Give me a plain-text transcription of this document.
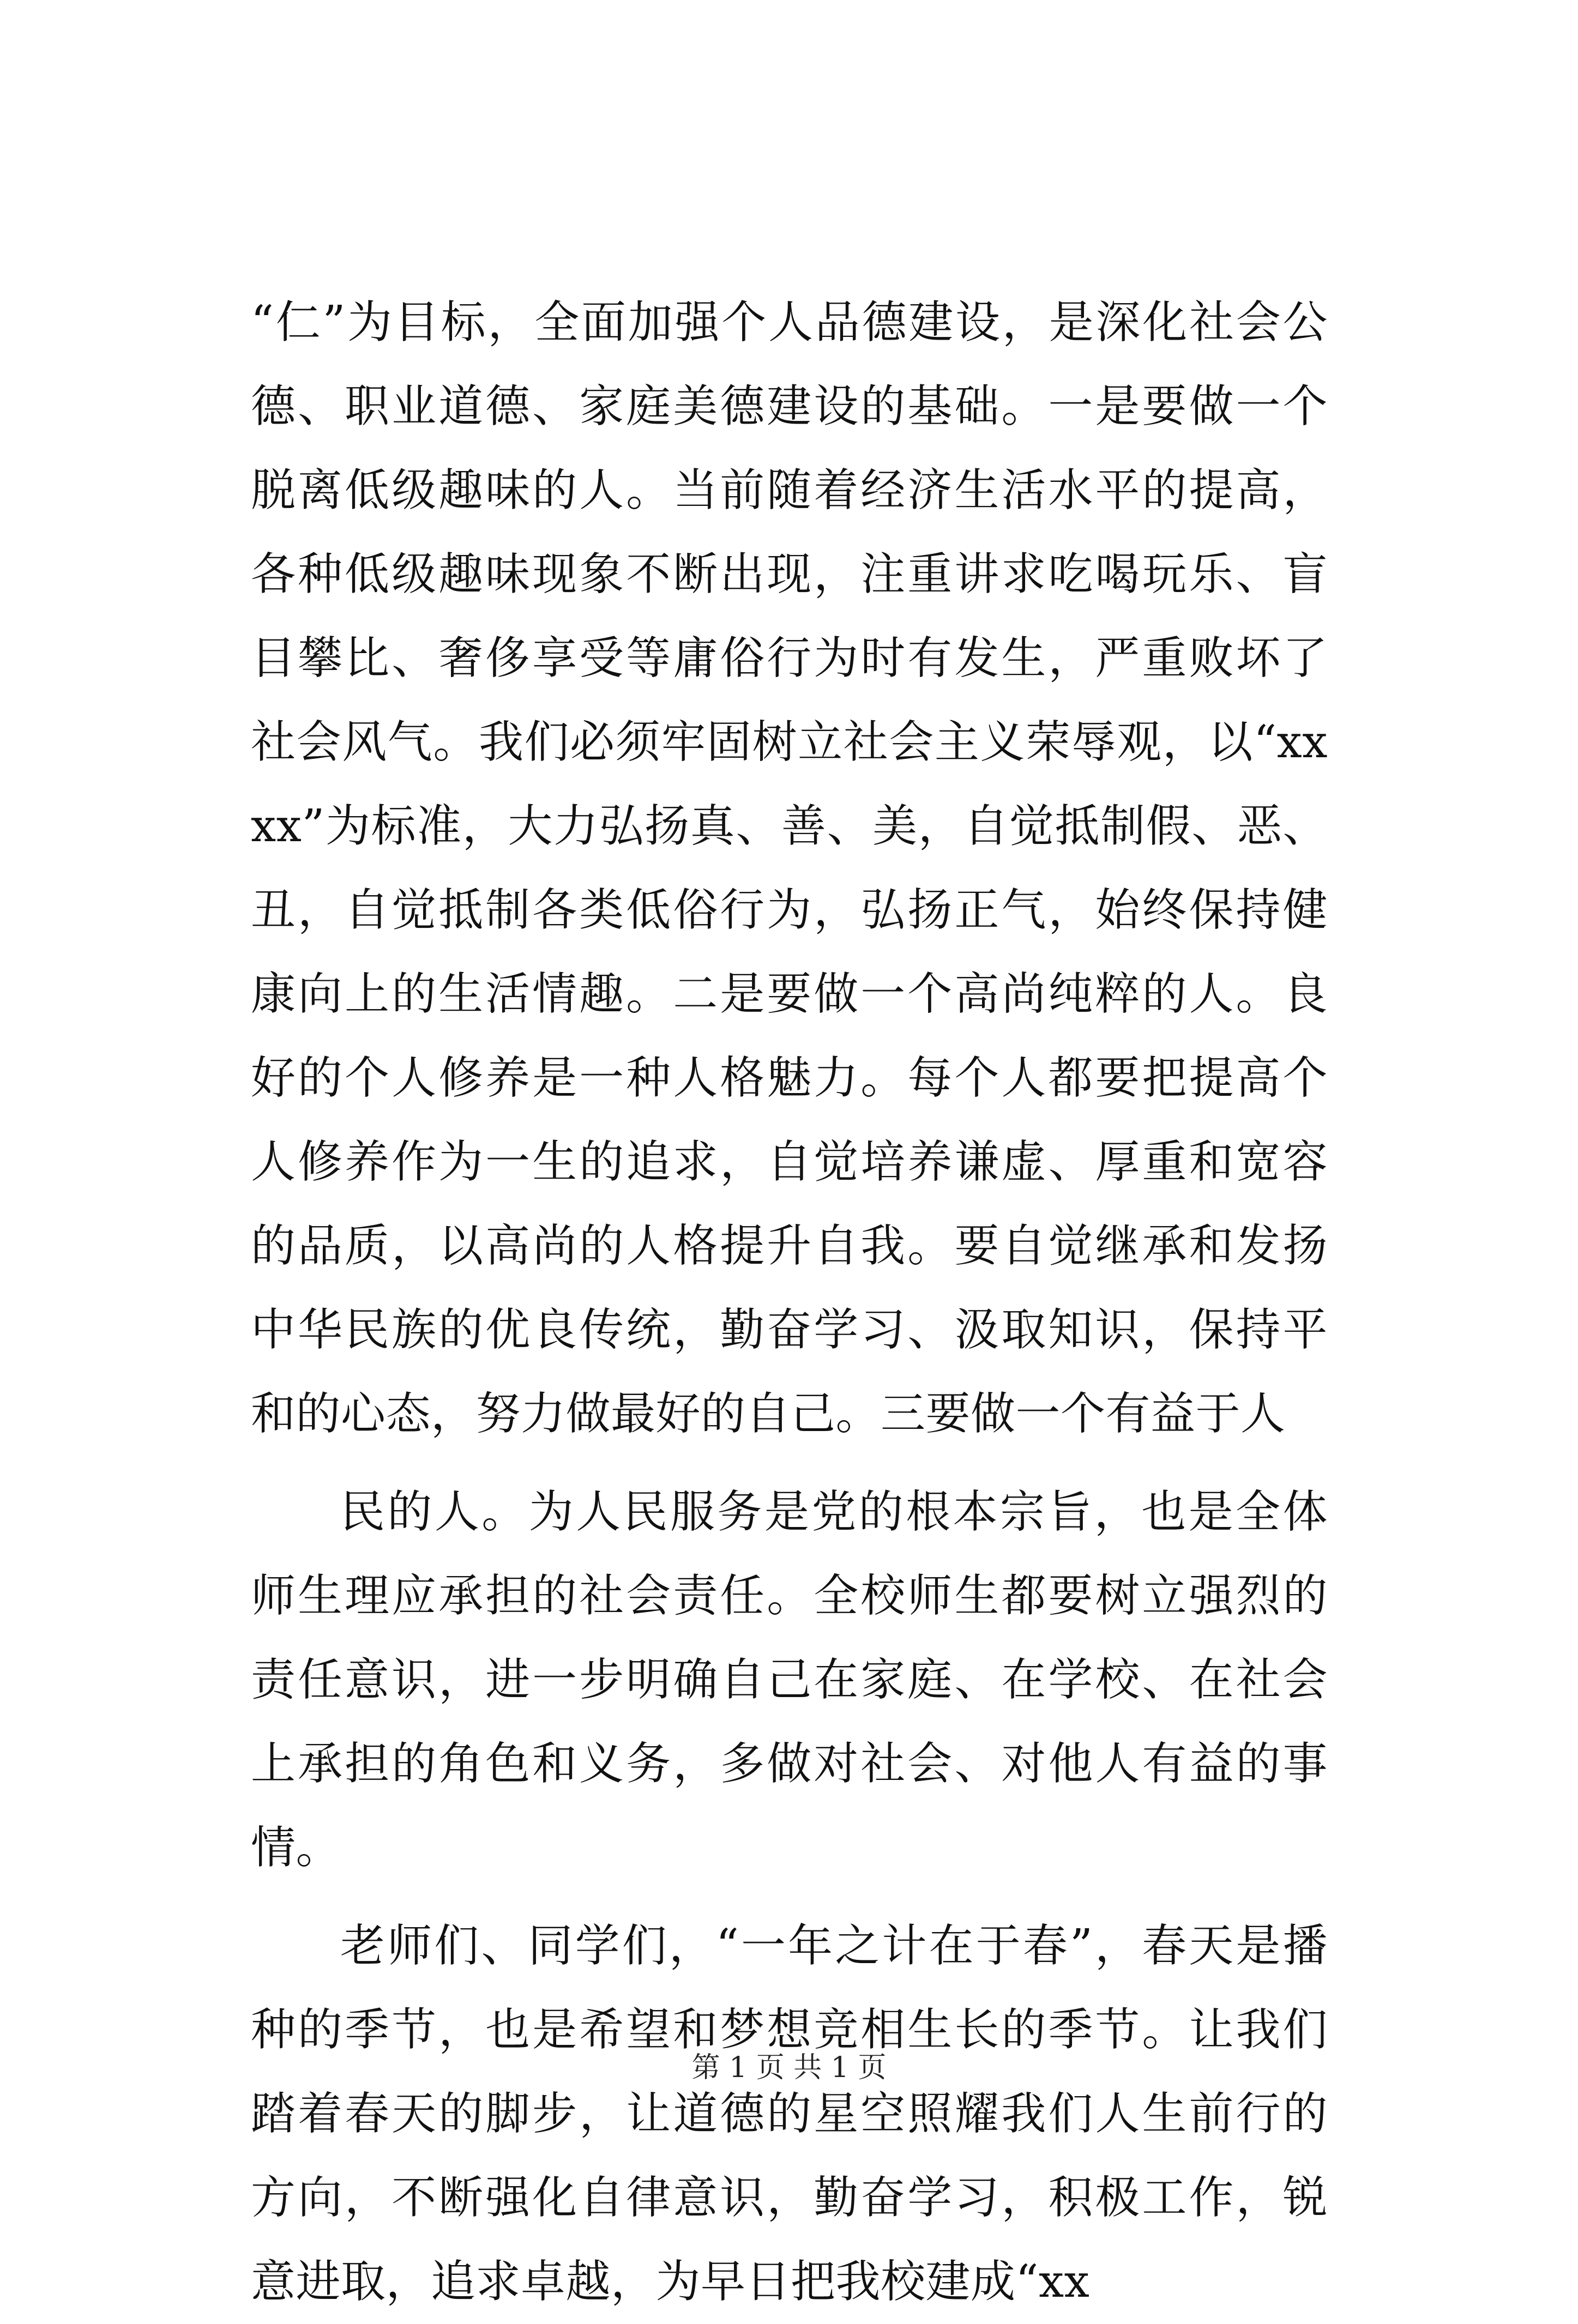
“仁”为目标，全面加强个人品德建设，是深化社会公德、职业道德、家庭美德建设的基础。一是要做一个脱离低级趣味的人。当前随着经济生活水平的提高，各种低级趣味现象不断出现，注重讲求吃喝玩乐、盲目攀比、奢侈享受等庸俗行为时有发生，严重败坏了社会风气。我们必须牢固树立社会主义荣辱观，以“xxxx”为标准，大力弘扬真、善、美，自觉抵制假、恶、丑，自觉抵制各类低俗行为，弘扬正气，始终保持健康向上的生活情趣。二是要做一个高尚纯粹的人。良好的个人修养是一种人格魅力。每个人都要把提高个人修养作为一生的追求，自觉培养谦虚、厚重和宽容的品质，以高尚的人格提升自我。要自觉继承和发扬中华民族的优良传统，勤奋学习、汲取知识，保持平和的心态，努力做最好的自己。三要做一个有益于人

民的人。为人民服务是党的根本宗旨，也是全体师生理应承担的社会责任。全校师生都要树立强烈的责任意识，进一步明确自己在家庭、在学校、在社会上承担的角色和义务，多做对社会、对他人有益的事情。

老师们、同学们，“一年之计在于春”，春天是播种的季节，也是希望和梦想竞相生长的季节。让我们踏着春天的脚步，让道德的星空照耀我们人生前行的方向，不断强化自律意识，勤奋学习，积极工作，锐意进取，追求卓越，为早日把我校建成“xx

第 1 页 共 1 页
